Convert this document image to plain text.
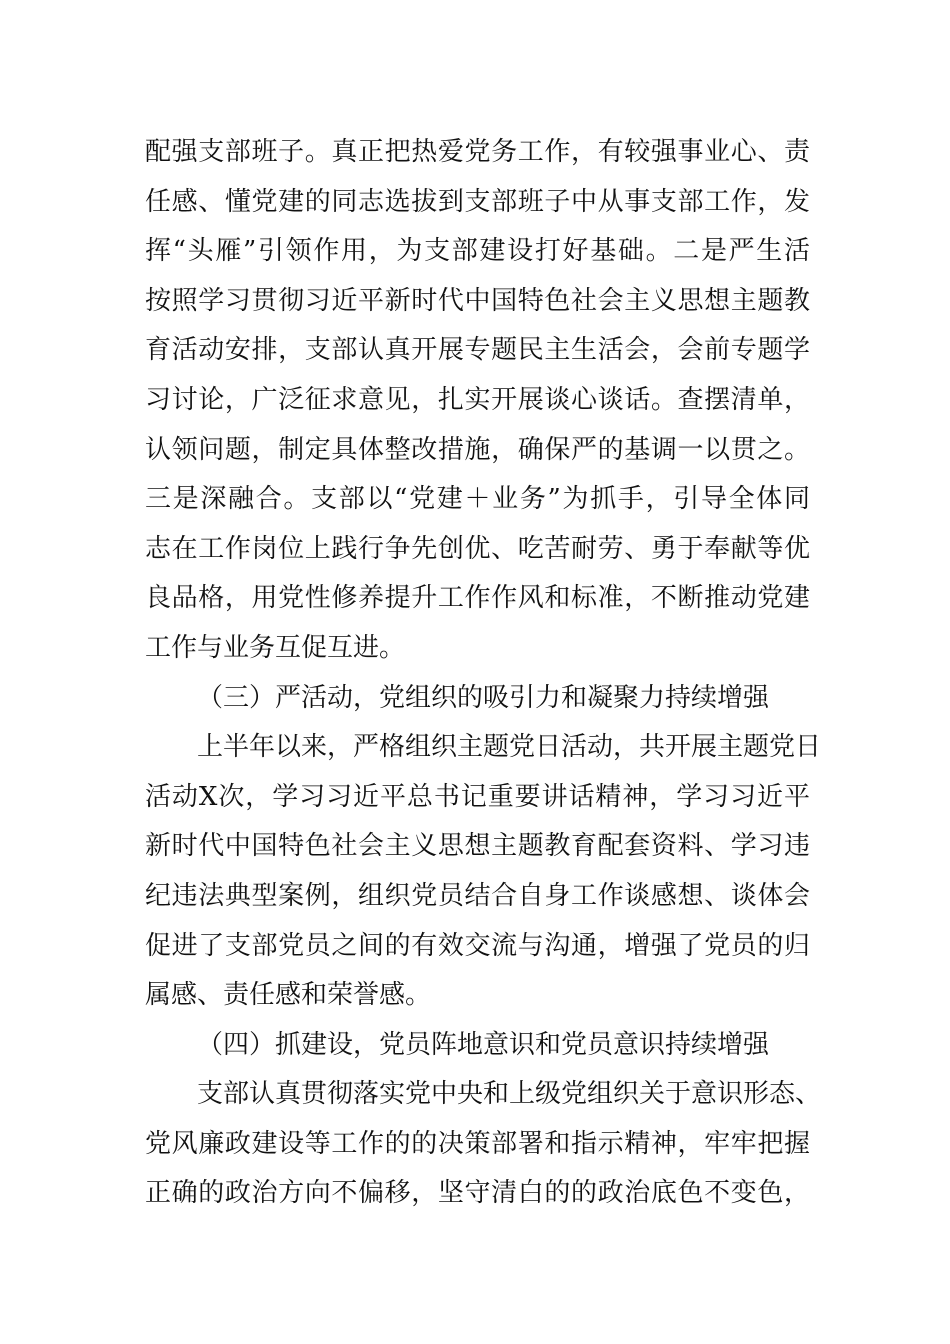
配强支部班子。真正把热爱党务工作，有较强事业心、责
任感、懂党建的同志选拔到支部班子中从事支部工作，发
挥“头雁”引领作用，为支部建设打好基础。二是严生活
按照学习贯彻习近平新时代中国特色社会主义思想主题教
育活动安排，支部认真开展专题民主生活会，会前专题学
习讨论，广泛征求意见，扎实开展谈心谈话。查摆清单，
认领问题，制定具体整改措施，确保严的基调一以贯之。
三是深融合。支部以“党建＋业务”为抓手，引导全体同
志在工作岗位上践行争先创优、吃苦耐劳、勇于奉献等优
良品格，用党性修养提升工作作风和标准，不断推动党建
工作与业务互促互进。
（三）严活动，党组织的吸引力和凝聚力持续增强
上半年以来，严格组织主题党日活动，共开展主题党日
活动X次，学习习近平总书记重要讲话精神，学习习近平
新时代中国特色社会主义思想主题教育配套资料、学习违
纪违法典型案例，组织党员结合自身工作谈感想、谈体会
促进了支部党员之间的有效交流与沟通，增强了党员的归
属感、责任感和荣誉感。
（四）抓建设，党员阵地意识和党员意识持续增强
支部认真贯彻落实党中央和上级党组织关于意识形态、
党风廉政建设等工作的的决策部署和指示精神，牢牢把握
正确的政治方向不偏移，坚守清白的的政治底色不变色，
